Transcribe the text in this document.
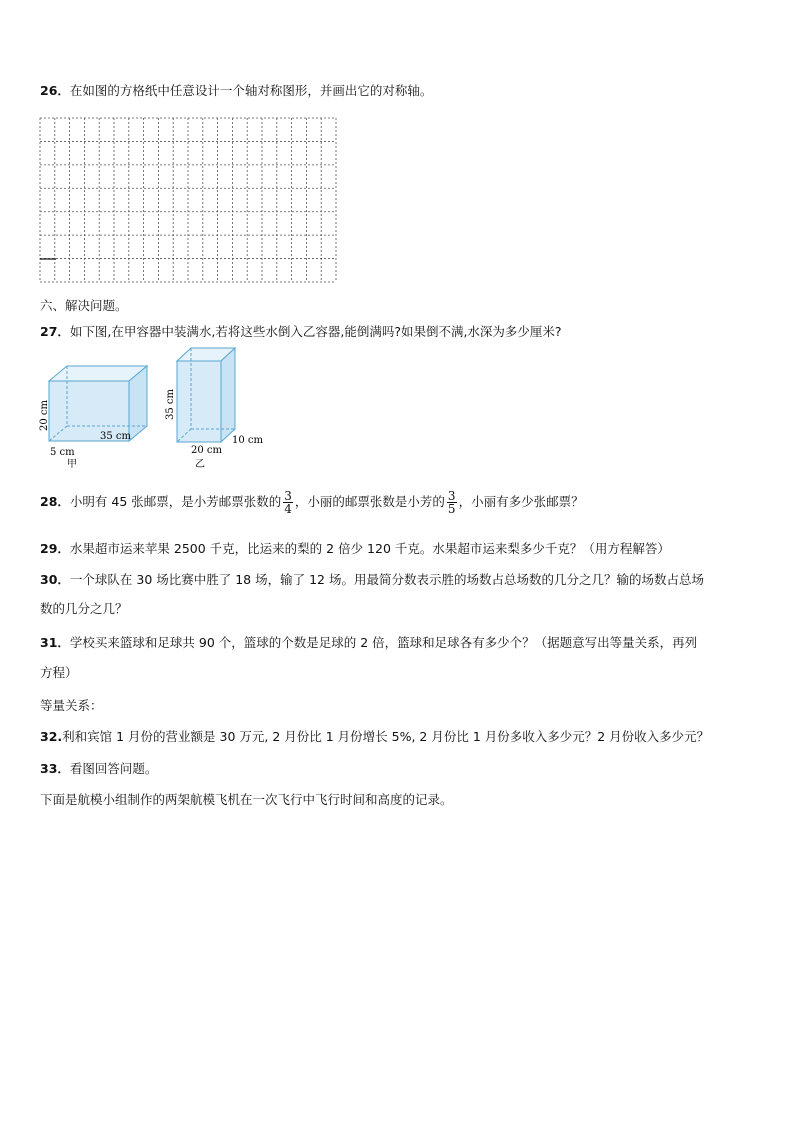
26．在如图的方格纸中任意设计一个轴对称图形，并画出它的对称轴。
六、解决问题。
27．如下图,在甲容器中装满水,若将这些水倒入乙容器,能倒满吗?如果倒不满,水深为多少厘米?
20 cm
35 cm
5 cm
甲
35 cm
20 cm
10 cm
乙
28．小明有 45 张邮票，是小芳邮票张数的 $\frac{3}{4}$ ，小丽的邮票张数是小芳的 $\frac{3}{5}$ ，小丽有多少张邮票？
29．水果超市运来苹果 2500 千克，比运来的梨的 2 倍少 120 千克。水果超市运来梨多少千克？（用方程解答）
30．一个球队在 30 场比赛中胜了 18 场，输了 12 场。用最简分数表示胜的场数占总场数的几分之几？输的场数占总场
数的几分之几？
31．学校买来篮球和足球共 90 个，篮球的个数是足球的 2 倍，篮球和足球各有多少个？（据题意写出等量关系，再列
方程）
等量关系：
32.利和宾馆 1 月份的营业额是 30 万元, 2 月份比 1 月份增长 5%, 2 月份比 1 月份多收入多少元？2 月份收入多少元？
33．看图回答问题。
下面是航模小组制作的两架航模飞机在一次飞行中飞行时间和高度的记录。
